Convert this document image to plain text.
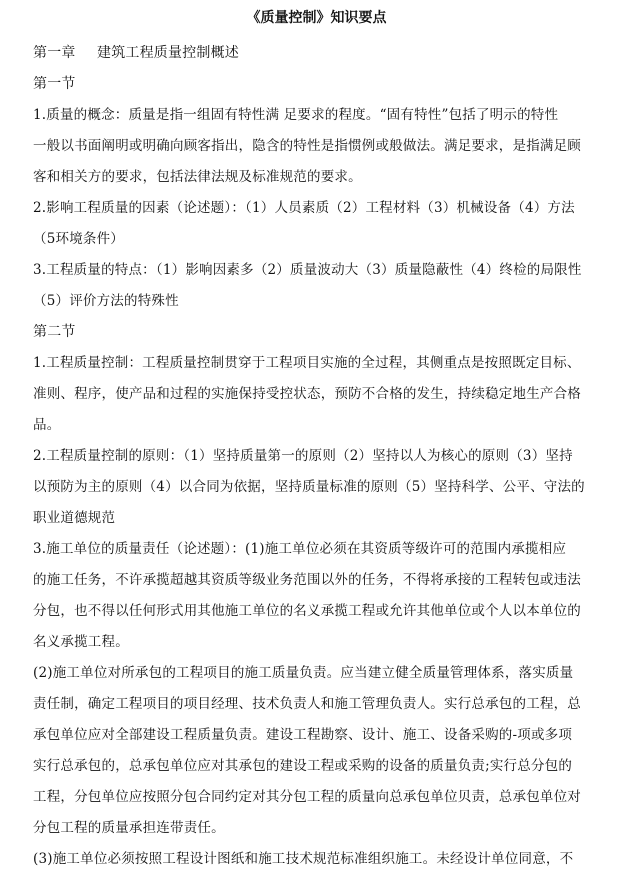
《质量控制》知识要点

第一章 建筑工程质量控制概述

第一节

1.质量的概念：质量是指一组固有特性满 足要求的程度。“固有特性”包括了明示的特性

一般以书面阐明或明确向顾客指出，隐含的特性是指惯例或般做法。满足要求，是指满足顾

客和相关方的要求，包括法律法规及标准规范的要求。

2.影响工程质量的因素（论述题）：（1）人员素质（2）工程材料（3）机械设备（4）方法

（5环境条件）

3.工程质量的特点：（1）影响因素多（2）质量波动大（3）质量隐蔽性（4）终检的局限性

（5）评价方法的特殊性

第二节

1.工程质量控制：工程质量控制贯穿于工程项目实施的全过程，其侧重点是按照既定目标、

准则、程序，使产品和过程的实施保持受控状态，预防不合格的发生，持续稳定地生产合格

品。

2.工程质量控制的原则：（1）坚持质量第一的原则（2）坚持以人为核心的原则（3）坚持

以预防为主的原则（4）以合同为依据，坚持质量标准的原则（5）坚持科学、公平、守法的

职业道德规范

3.施工单位的质量责任（论述题）：(1)施工单位必须在其资质等级许可的范围内承揽相应

的施工任务，不许承揽超越其资质等级业务范围以外的任务，不得将承接的工程转包或违法

分包，也不得以任何形式用其他施工单位的名义承揽工程或允许其他单位或个人以本单位的

名义承揽工程。

(2)施工单位对所承包的工程项目的施工质量负责。应当建立健全质量管理体系，落实质量

责任制，确定工程项目的项目经理、技术负责人和施工管理负责人。实行总承包的工程，总

承包单位应对全部建设工程质量负责。建设工程勘察、设计、施工、设备采购的-项或多项

实行总承包的，总承包单位应对其承包的建设工程或采购的设备的质量负责;实行总分包的

工程，分包单位应按照分包合同约定对其分包工程的质量向总承包单位贝责，总承包单位对

分包工程的质量承担连带责任。

(3)施工单位必须按照工程设计图纸和施工技术规范标准组织施工。未经设计单位同意，不
